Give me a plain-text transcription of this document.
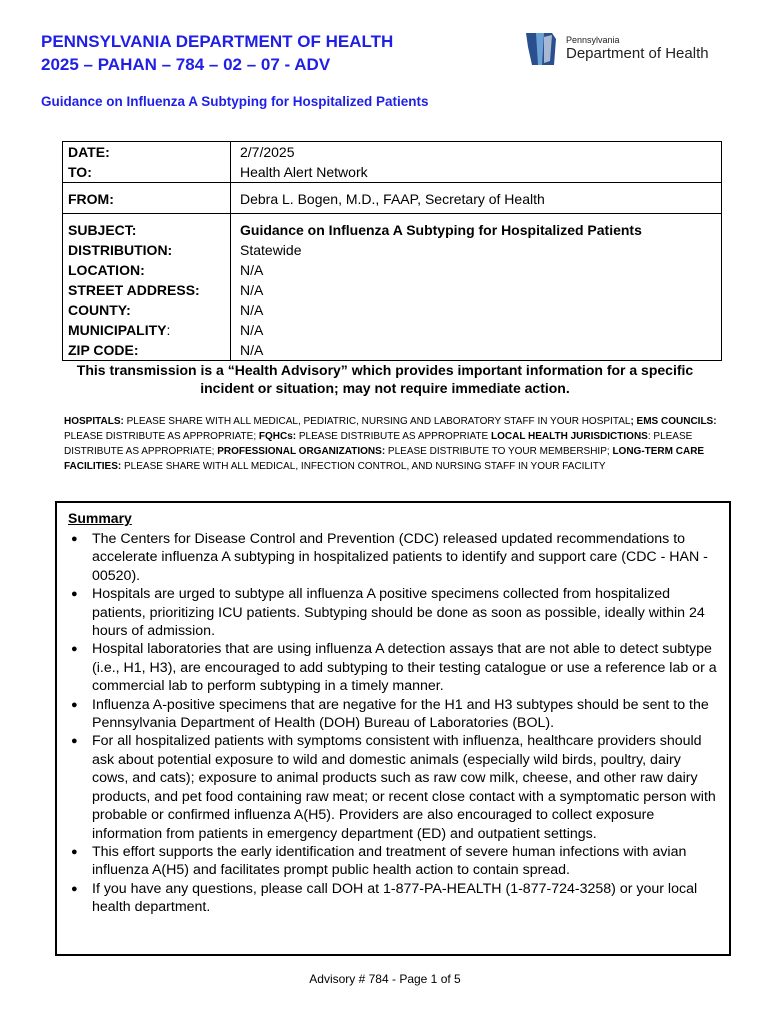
PENNSYLVANIA DEPARTMENT OF HEALTH
2025 – PAHAN – 784 – 02 – 07 - ADV
Pennsylvania
Department of Health
Guidance on Influenza A Subtyping for Hospitalized Patients
DATE:	2/7/2025
TO:	Health Alert Network
FROM:	Debra L. Bogen, M.D., FAAP, Secretary of Health
SUBJECT:	Guidance on Influenza A Subtyping for Hospitalized Patients
DISTRIBUTION:	Statewide
LOCATION:	N/A
STREET ADDRESS:	N/A
COUNTY:	N/A
MUNICIPALITY:	N/A
ZIP CODE:	N/A
This transmission is a “Health Advisory” which provides important information for a specific
incident or situation; may not require immediate action.
HOSPITALS: PLEASE SHARE WITH ALL MEDICAL, PEDIATRIC, NURSING AND LABORATORY STAFF IN YOUR HOSPITAL; EMS COUNCILS: PLEASE DISTRIBUTE AS APPROPRIATE; FQHCs: PLEASE DISTRIBUTE AS APPROPRIATE LOCAL HEALTH JURISDICTIONS: PLEASE DISTRIBUTE AS APPROPRIATE; PROFESSIONAL ORGANIZATIONS: PLEASE DISTRIBUTE TO YOUR MEMBERSHIP; LONG-TERM CARE FACILITIES: PLEASE SHARE WITH ALL MEDICAL, INFECTION CONTROL, AND NURSING STAFF IN YOUR FACILITY
Summary
● The Centers for Disease Control and Prevention (CDC) released updated recommendations to accelerate influenza A subtyping in hospitalized patients to identify and support care (CDC - HAN - 00520).
● Hospitals are urged to subtype all influenza A positive specimens collected from hospitalized patients, prioritizing ICU patients. Subtyping should be done as soon as possible, ideally within 24 hours of admission.
● Hospital laboratories that are using influenza A detection assays that are not able to detect subtype (i.e., H1, H3), are encouraged to add subtyping to their testing catalogue or use a reference lab or a commercial lab to perform subtyping in a timely manner.
● Influenza A-positive specimens that are negative for the H1 and H3 subtypes should be sent to the Pennsylvania Department of Health (DOH) Bureau of Laboratories (BOL).
● For all hospitalized patients with symptoms consistent with influenza, healthcare providers should ask about potential exposure to wild and domestic animals (especially wild birds, poultry, dairy cows, and cats); exposure to animal products such as raw cow milk, cheese, and other raw dairy products, and pet food containing raw meat; or recent close contact with a symptomatic person with probable or confirmed influenza A(H5). Providers are also encouraged to collect exposure information from patients in emergency department (ED) and outpatient settings.
● This effort supports the early identification and treatment of severe human infections with avian influenza A(H5) and facilitates prompt public health action to contain spread.
● If you have any questions, please call DOH at 1-877-PA-HEALTH (1-877-724-3258) or your local health department.
Advisory # 784 - Page 1 of 5
